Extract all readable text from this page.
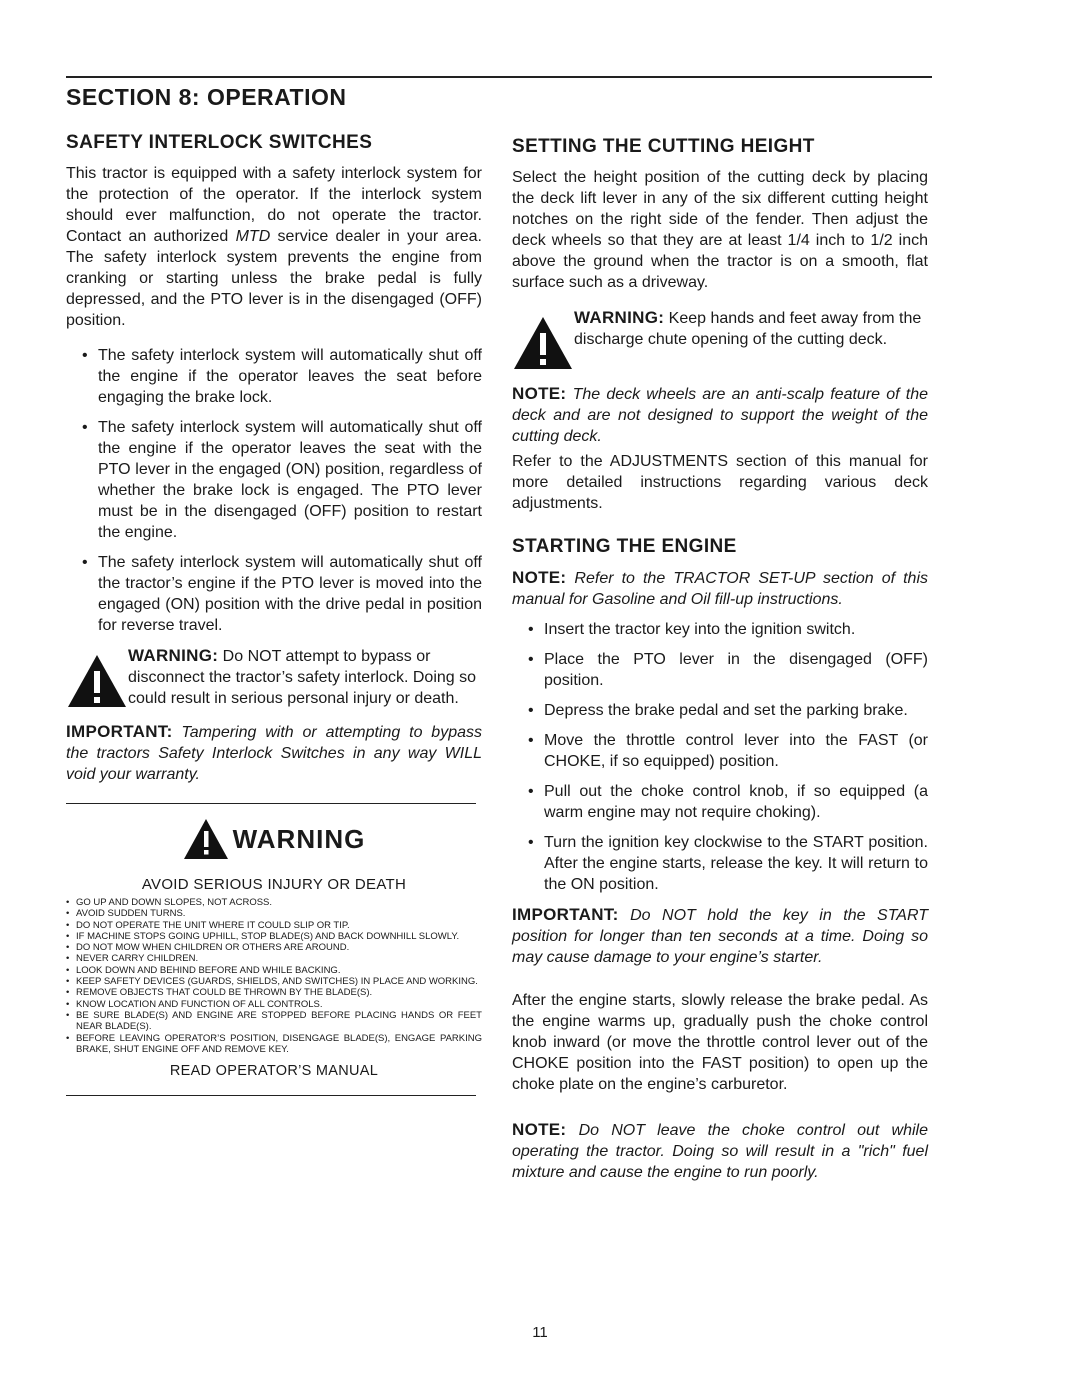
SECTION 8: OPERATION
SAFETY INTERLOCK SWITCHES

This tractor is equipped with a safety interlock system for the protection of the operator. If the interlock system should ever malfunction, do not operate the tractor. Contact an authorized MTD service dealer in your area. The safety interlock system prevents the engine from cranking or starting unless the brake pedal is fully depressed, and the PTO lever is in the disengaged (OFF) position.

• The safety interlock system will automatically shut off the engine if the operator leaves the seat before engaging the brake lock.
• The safety interlock system will automatically shut off the engine if the operator leaves the seat with the PTO lever in the engaged (ON) position, regardless of whether the brake lock is engaged. The PTO lever must be in the disengaged (OFF) position to restart the engine.
• The safety interlock system will automatically shut off the tractor’s engine if the PTO lever is moved into the engaged (ON) position with the drive pedal in position for reverse travel.
WARNING: Do NOT attempt to bypass or disconnect the tractor’s safety interlock. Doing so could result in serious personal injury or death.

IMPORTANT: Tampering with or attempting to bypass the tractors Safety Interlock Switches in any way WILL void your warranty.

WARNING
AVOID SERIOUS INJURY OR DEATH
• GO UP AND DOWN SLOPES, NOT ACROSS.
• AVOID SUDDEN TURNS.
• DO NOT OPERATE THE UNIT WHERE IT COULD SLIP OR TIP.
• IF MACHINE STOPS GOING UPHILL, STOP BLADE(S) AND BACK DOWNHILL SLOWLY.
• DO NOT MOW WHEN CHILDREN OR OTHERS ARE AROUND.
• NEVER CARRY CHILDREN.
• LOOK DOWN AND BEHIND BEFORE AND WHILE BACKING.
• KEEP SAFETY DEVICES (GUARDS, SHIELDS, AND SWITCHES) IN PLACE AND WORKING.
• REMOVE OBJECTS THAT COULD BE THROWN BY THE BLADE(S).
• KNOW LOCATION AND FUNCTION OF ALL CONTROLS.
• BE SURE BLADE(S) AND ENGINE ARE STOPPED BEFORE PLACING HANDS OR FEET NEAR BLADE(S).
• BEFORE LEAVING OPERATOR’S POSITION, DISENGAGE BLADE(S), ENGAGE PARKING BRAKE, SHUT ENGINE OFF AND REMOVE KEY.
READ OPERATOR’S MANUAL
SETTING THE CUTTING HEIGHT

Select the height position of the cutting deck by placing the deck lift lever in any of the six different cutting height notches on the right side of the fender. Then adjust the deck wheels so that they are at least 1/4 inch to 1/2 inch above the ground when the tractor is on a smooth, flat surface such as a driveway.

WARNING: Keep hands and feet away from the discharge chute opening of the cutting deck.

NOTE: The deck wheels are an anti-scalp feature of the deck and are not designed to support the weight of the cutting deck.

Refer to the ADJUSTMENTS section of this manual for more detailed instructions regarding various deck adjustments.

STARTING THE ENGINE

NOTE: Refer to the TRACTOR SET-UP section of this manual for Gasoline and Oil fill-up instructions.

• Insert the tractor key into the ignition switch.
• Place the PTO lever in the disengaged (OFF) position.
• Depress the brake pedal and set the parking brake.
• Move the throttle control lever into the FAST (or CHOKE, if so equipped) position.
• Pull out the choke control knob, if so equipped (a warm engine may not require choking).
• Turn the ignition key clockwise to the START position. After the engine starts, release the key. It will return to the ON position.

IMPORTANT: Do NOT hold the key in the START position for longer than ten seconds at a time. Doing so may cause damage to your engine’s starter.

After the engine starts, slowly release the brake pedal. As the engine warms up, gradually push the choke control knob inward (or move the throttle control lever out of the CHOKE position into the FAST position) to open up the choke plate on the engine’s carburetor.

NOTE: Do NOT leave the choke control out while operating the tractor. Doing so will result in a "rich" fuel mixture and cause the engine to run poorly.

11
